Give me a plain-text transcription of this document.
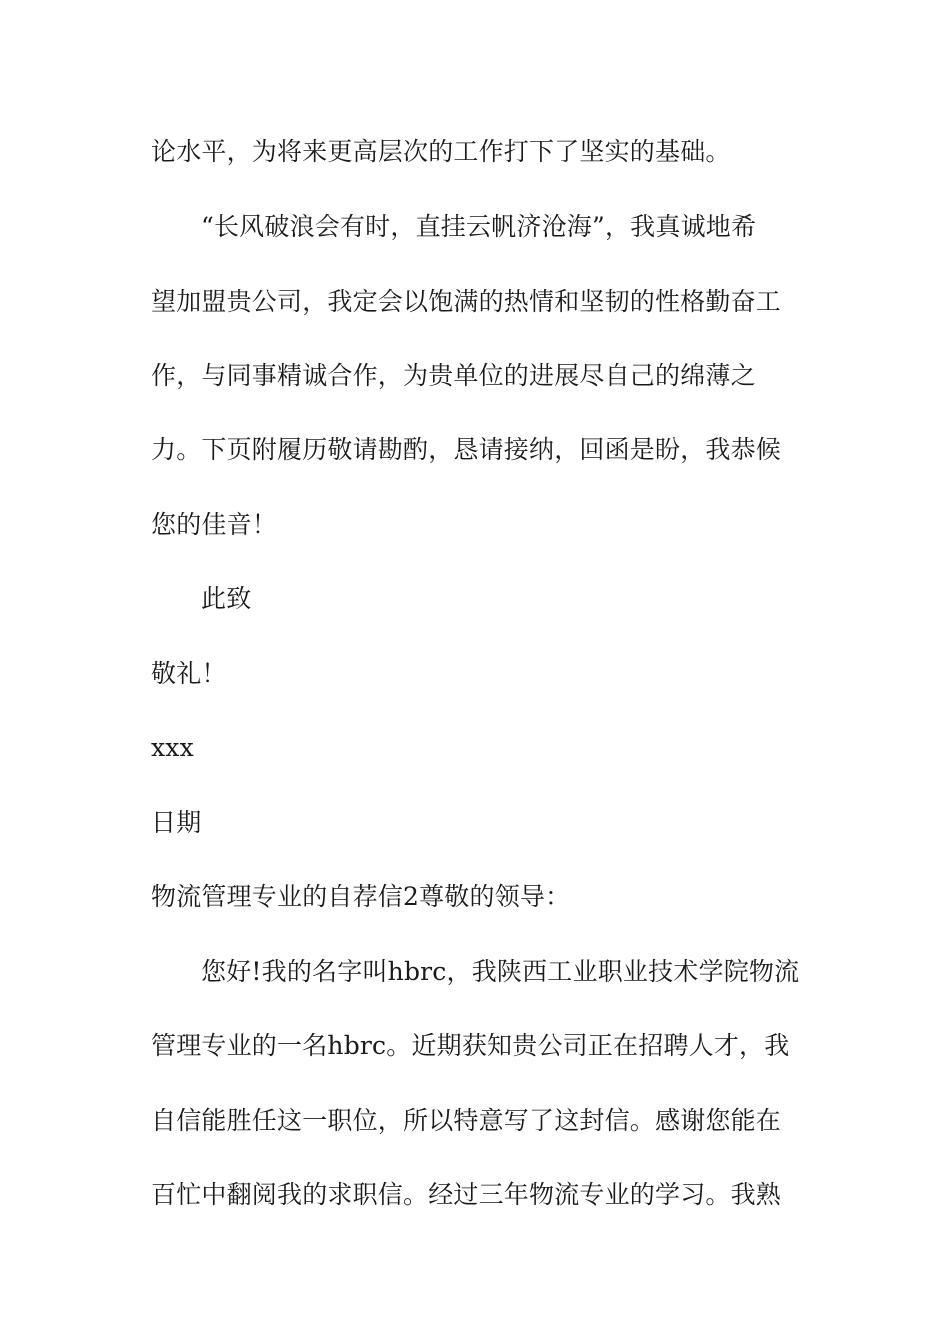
论水平，为将来更高层次的工作打下了坚实的基础。
“长风破浪会有时，直挂云帆济沧海”，我真诚地希
望加盟贵公司，我定会以饱满的热情和坚韧的性格勤奋工
作，与同事精诚合作，为贵单位的进展尽自己的绵薄之
力。下页附履历敬请勘酌，恳请接纳，回函是盼，我恭候
您的佳音！
此致
敬礼！
xxx
日期
物流管理专业的自荐信2尊敬的领导：
您好!我的名字叫hbrc，我陕西工业职业技术学院物流
管理专业的一名hbrc。近期获知贵公司正在招聘人才，我
自信能胜任这一职位，所以特意写了这封信。感谢您能在
百忙中翻阅我的求职信。经过三年物流专业的学习。我熟
